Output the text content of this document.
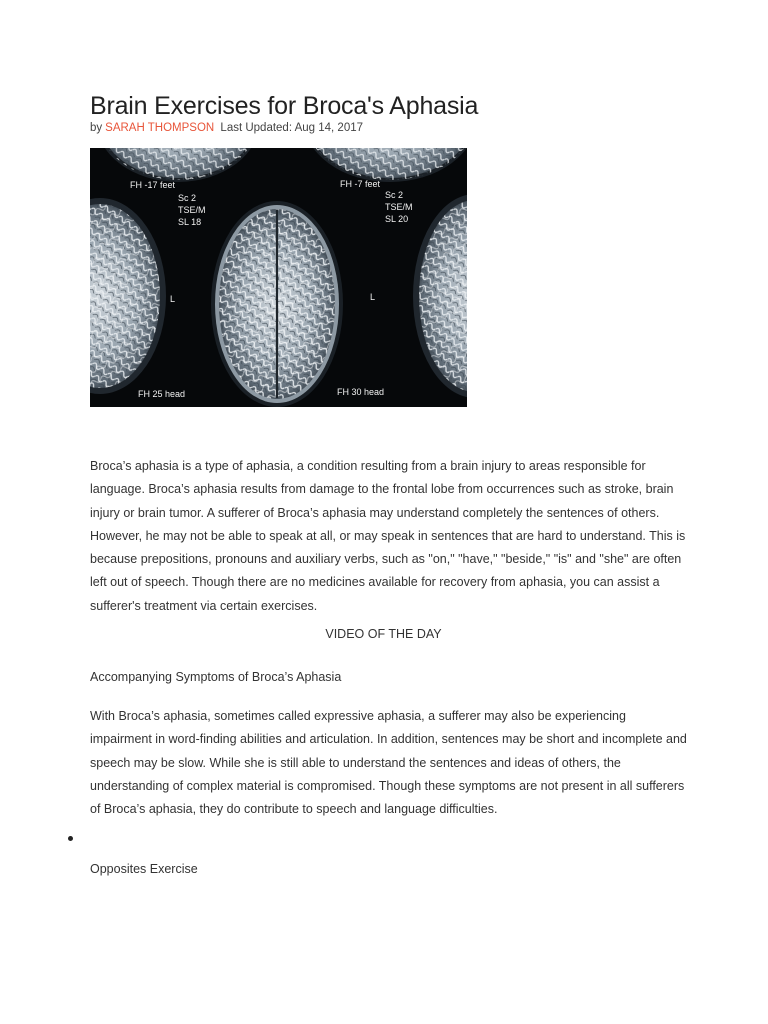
Brain Exercises for Broca's Aphasia
by SARAH THOMPSON Last Updated: Aug 14, 2017
FH -17 feet
Sc 2
TSE/M
SL 18
FH -7 feet
Sc 2
TSE/M
SL 20
L	L
FH 25 head	FH 30 head

Broca’s aphasia is a type of aphasia, a condition resulting from a brain injury to areas responsible for language. Broca’s aphasia results from damage to the frontal lobe from occurrences such as stroke, brain injury or brain tumor. A sufferer of Broca’s aphasia may understand completely the sentences of others. However, he may not be able to speak at all, or may speak in sentences that are hard to understand. This is because prepositions, pronouns and auxiliary verbs, such as "on," "have," "beside," "is" and "she" are often left out of speech. Though there are no medicines available for recovery from aphasia, you can assist a sufferer's treatment via certain exercises.

VIDEO OF THE DAY
Accompanying Symptoms of Broca’s Aphasia

With Broca’s aphasia, sometimes called expressive aphasia, a sufferer may also be experiencing impairment in word-finding abilities and articulation. In addition, sentences may be short and incomplete and speech may be slow. While she is still able to understand the sentences and ideas of others, the understanding of complex material is compromised. Though these symptoms are not present in all sufferers of Broca’s aphasia, they do contribute to speech and language difficulties.

Opposites Exercise
